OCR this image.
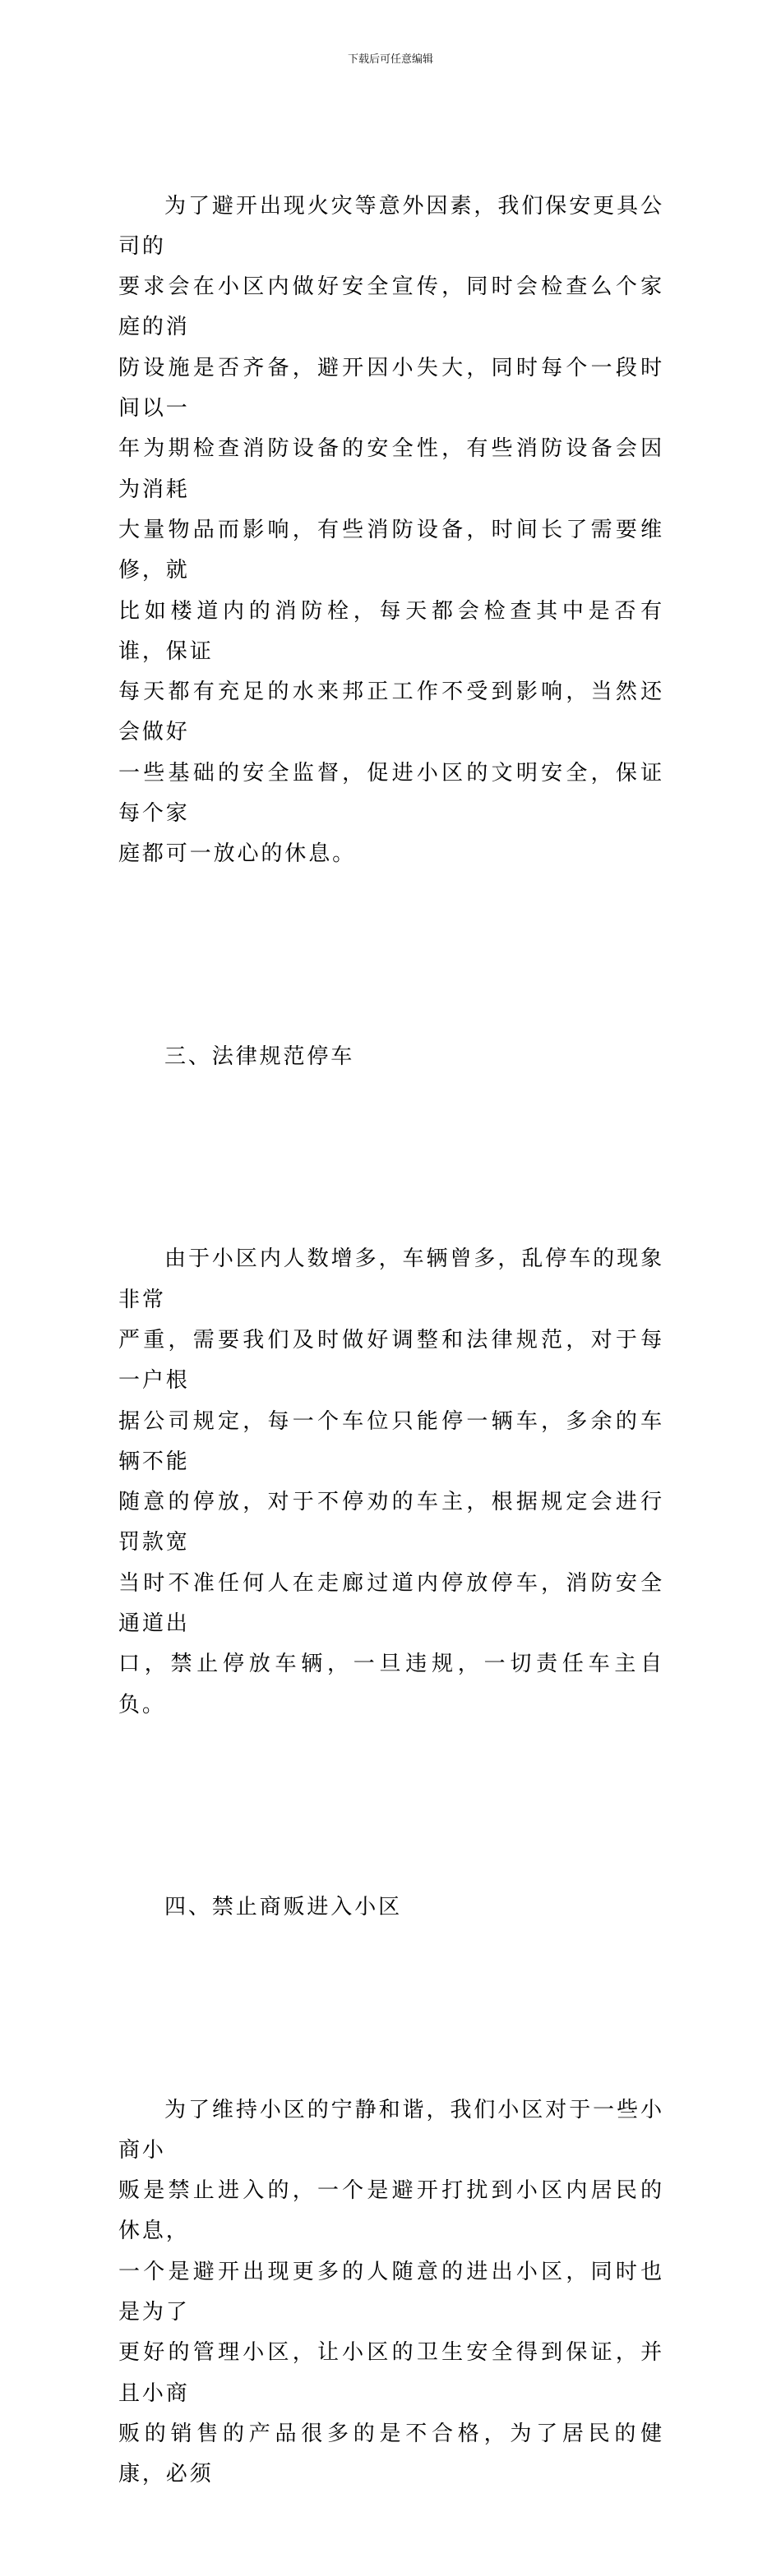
下载后可任意编辑

为了避开出现火灾等意外因素，我们保安更具公司的
要求会在小区内做好安全宣传，同时会检查么个家庭的消
防设施是否齐备，避开因小失大，同时每个一段时间以一
年为期检查消防设备的安全性，有些消防设备会因为消耗
大量物品而影响，有些消防设备，时间长了需要维修，就
比如楼道内的消防栓，每天都会检查其中是否有谁，保证
每天都有充足的水来邦正工作不受到影响，当然还会做好
一些基础的安全监督，促进小区的文明安全，保证每个家
庭都可一放心的休息。

三、法律规范停车

由于小区内人数增多，车辆曾多，乱停车的现象非常
严重，需要我们及时做好调整和法律规范，对于每一户根
据公司规定，每一个车位只能停一辆车，多余的车辆不能
随意的停放，对于不停劝的车主，根据规定会进行罚款宽
当时不准任何人在走廊过道内停放停车，消防安全通道出
口，禁止停放车辆，一旦违规，一切责任车主自负。

四、禁止商贩进入小区

为了维持小区的宁静和谐，我们小区对于一些小商小
贩是禁止进入的，一个是避开打扰到小区内居民的休息，
一个是避开出现更多的人随意的进出小区，同时也是为了
更好的管理小区，让小区的卫生安全得到保证，并且小商
贩的销售的产品很多的是不合格，为了居民的健康，必须
